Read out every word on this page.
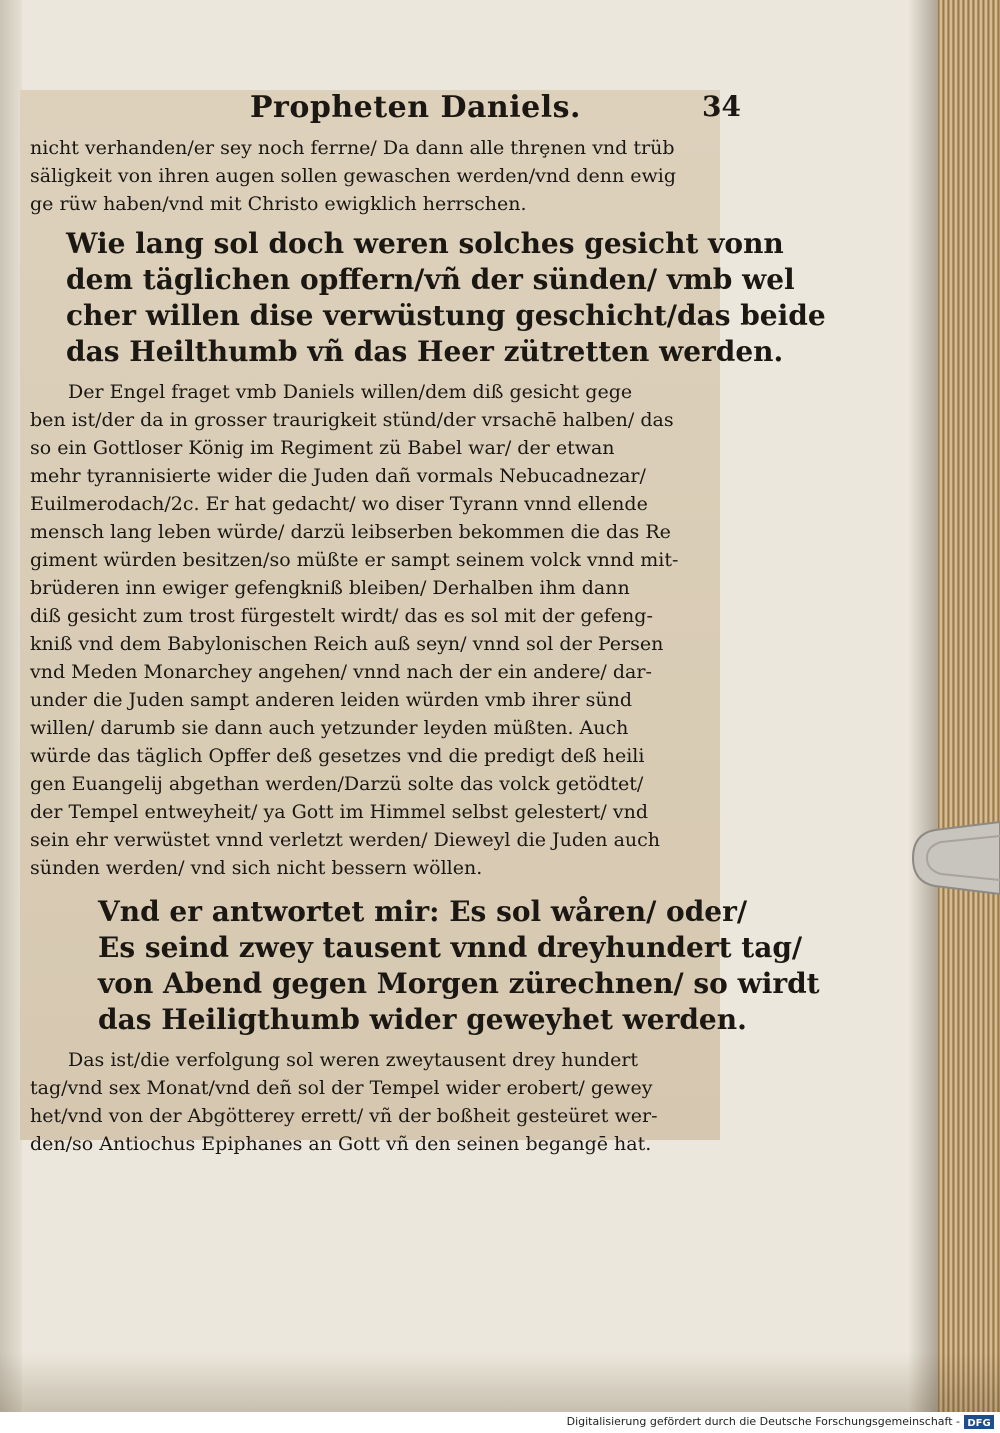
Propheten Daniels.	34
nicht verhanden/er sey noch ferrne/ Da dann alle thrȩnen vnd trüb
säligkeit von ihren augen sollen gewaschen werden/vnd denn ewig
ge rüw haben/vnd mit Christo ewigklich herrschen.
Wie lang sol doch weren solches gesicht vonn
dem täglichen opffern/vñ der sünden/ vmb wel
cher willen dise verwüstung geschicht/das beide
das Heilthumb vñ das Heer zütretten werden.
Der Engel fraget vmb Daniels willen/dem diß gesicht gege
ben ist/der da in grosser traurigkeit stünd/der vrsachē halben/ das
so ein Gottloser König im Regiment zü Babel war/ der etwan
mehr tyrannisierte wider die Juden dañ vormals Nebucadnezar/
Euilmerodach/2c. Er hat gedacht/ wo diser Tyrann vnnd ellende
mensch lang leben würde/ darzü leibserben bekommen die das Re
giment würden besitzen/so müßte er sampt seinem volck vnnd mit-
brüderen inn ewiger gefengkniß bleiben/ Derhalben ihm dann
diß gesicht zum trost fürgestelt wirdt/ das es sol mit der gefeng-
kniß vnd dem Babylonischen Reich auß seyn/ vnnd sol der Persen
vnd Meden Monarchey angehen/ vnnd nach der ein andere/ dar-
under die Juden sampt anderen leiden würden vmb ihrer sünd
willen/ darumb sie dann auch yetzunder leyden müßten. Auch
würde das täglich Opffer deß gesetzes vnd die predigt deß heili
gen Euangelij abgethan werden/Darzü solte das volck getödtet/
der Tempel entweyheit/ ya Gott im Himmel selbst gelestert/ vnd
sein ehr verwüstet vnnd verletzt werden/ Dieweyl die Juden auch
sünden werden/ vnd sich nicht bessern wöllen.
Vnd er antwortet mir: Es sol wåren/ oder/
Es seind zwey tausent vnnd dreyhundert tag/
von Abend gegen Morgen zürechnen/ so wirdt
das Heiligthumb wider geweyhet werden.
Das ist/die verfolgung sol weren zweytausent drey hundert
tag/vnd sex Monat/vnd deñ sol der Tempel wider erobert/ gewey
het/vnd von der Abgötterey errett/ vñ der boßheit gesteüret wer-
den/so Antiochus Epiphanes an Gott vñ den seinen begangē hat.
Digitalisierung gefördert durch die Deutsche Forschungsgemeinschaft - DFG
